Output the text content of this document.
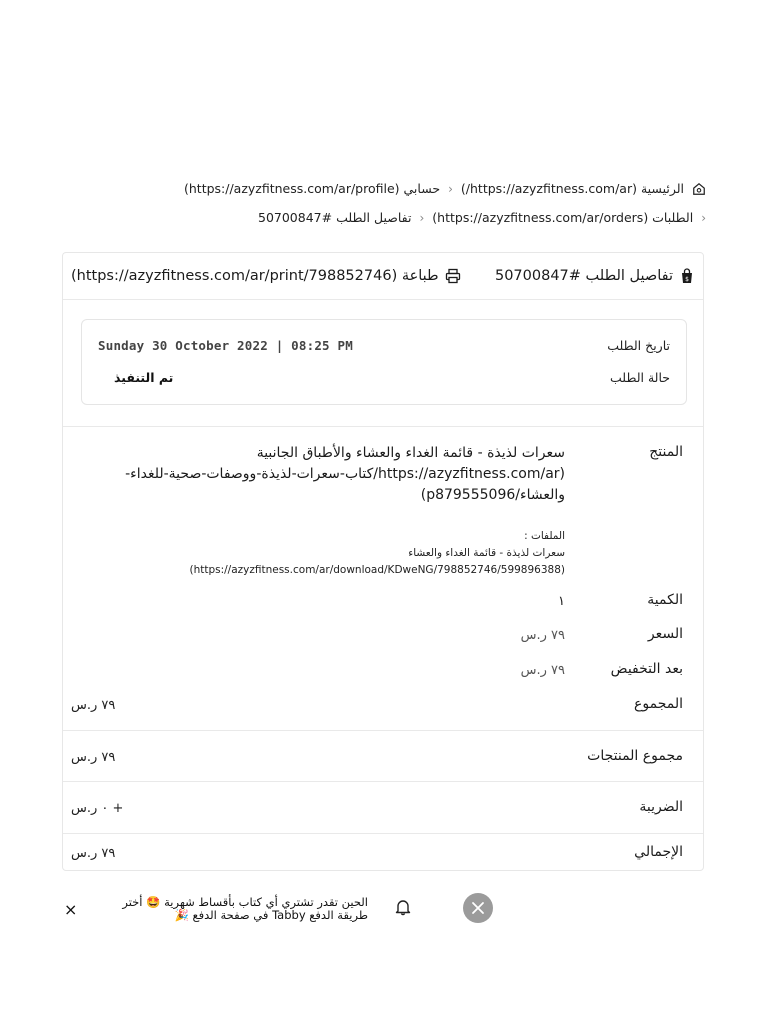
الرئيسية (https://azyzfitness.com/ar/)
‹
حسابي (https://azyzfitness.com/ar/profile)
‹
الطلبات (https://azyzfitness.com/ar/orders)
‹
تفاصيل الطلب #50700847
$
تفاصيل الطلب #50700847
طباعة (https://azyzfitness.com/ar/print/798852746)
تاريخ الطلب
Sunday 30 October 2022 | 08:25 PM
حالة الطلب
تم التنفيذ
المنتج
سعرات لذيذة - قائمة الغداء والعشاء والأطباق الجانبية (https://azyzfitness.com/ar/كتاب-سعرات-لذيذة-ووصفات-صحية-للغداء-والعشاء/p879555096)
الملفات :
سعرات لذيذة - قائمة الغداء والعشاء
(https://azyzfitness.com/ar/download/KDweNG/798852746/599896388)
الكمية
١
السعر
٧٩ ر.س
بعد التخفيض
٧٩ ر.س
المجموع
٧٩ ر.س
مجموع المنتجات
٧٩ ر.س
الضريبة
+ ٠ ر.س
الإجمالي
٧٩ ر.س
الحين تقدر تشتري أي كتاب بأقساط شهرية 🤩 أختر طريقة الدفع Tabby في صفحة الدفع 🎉
×
